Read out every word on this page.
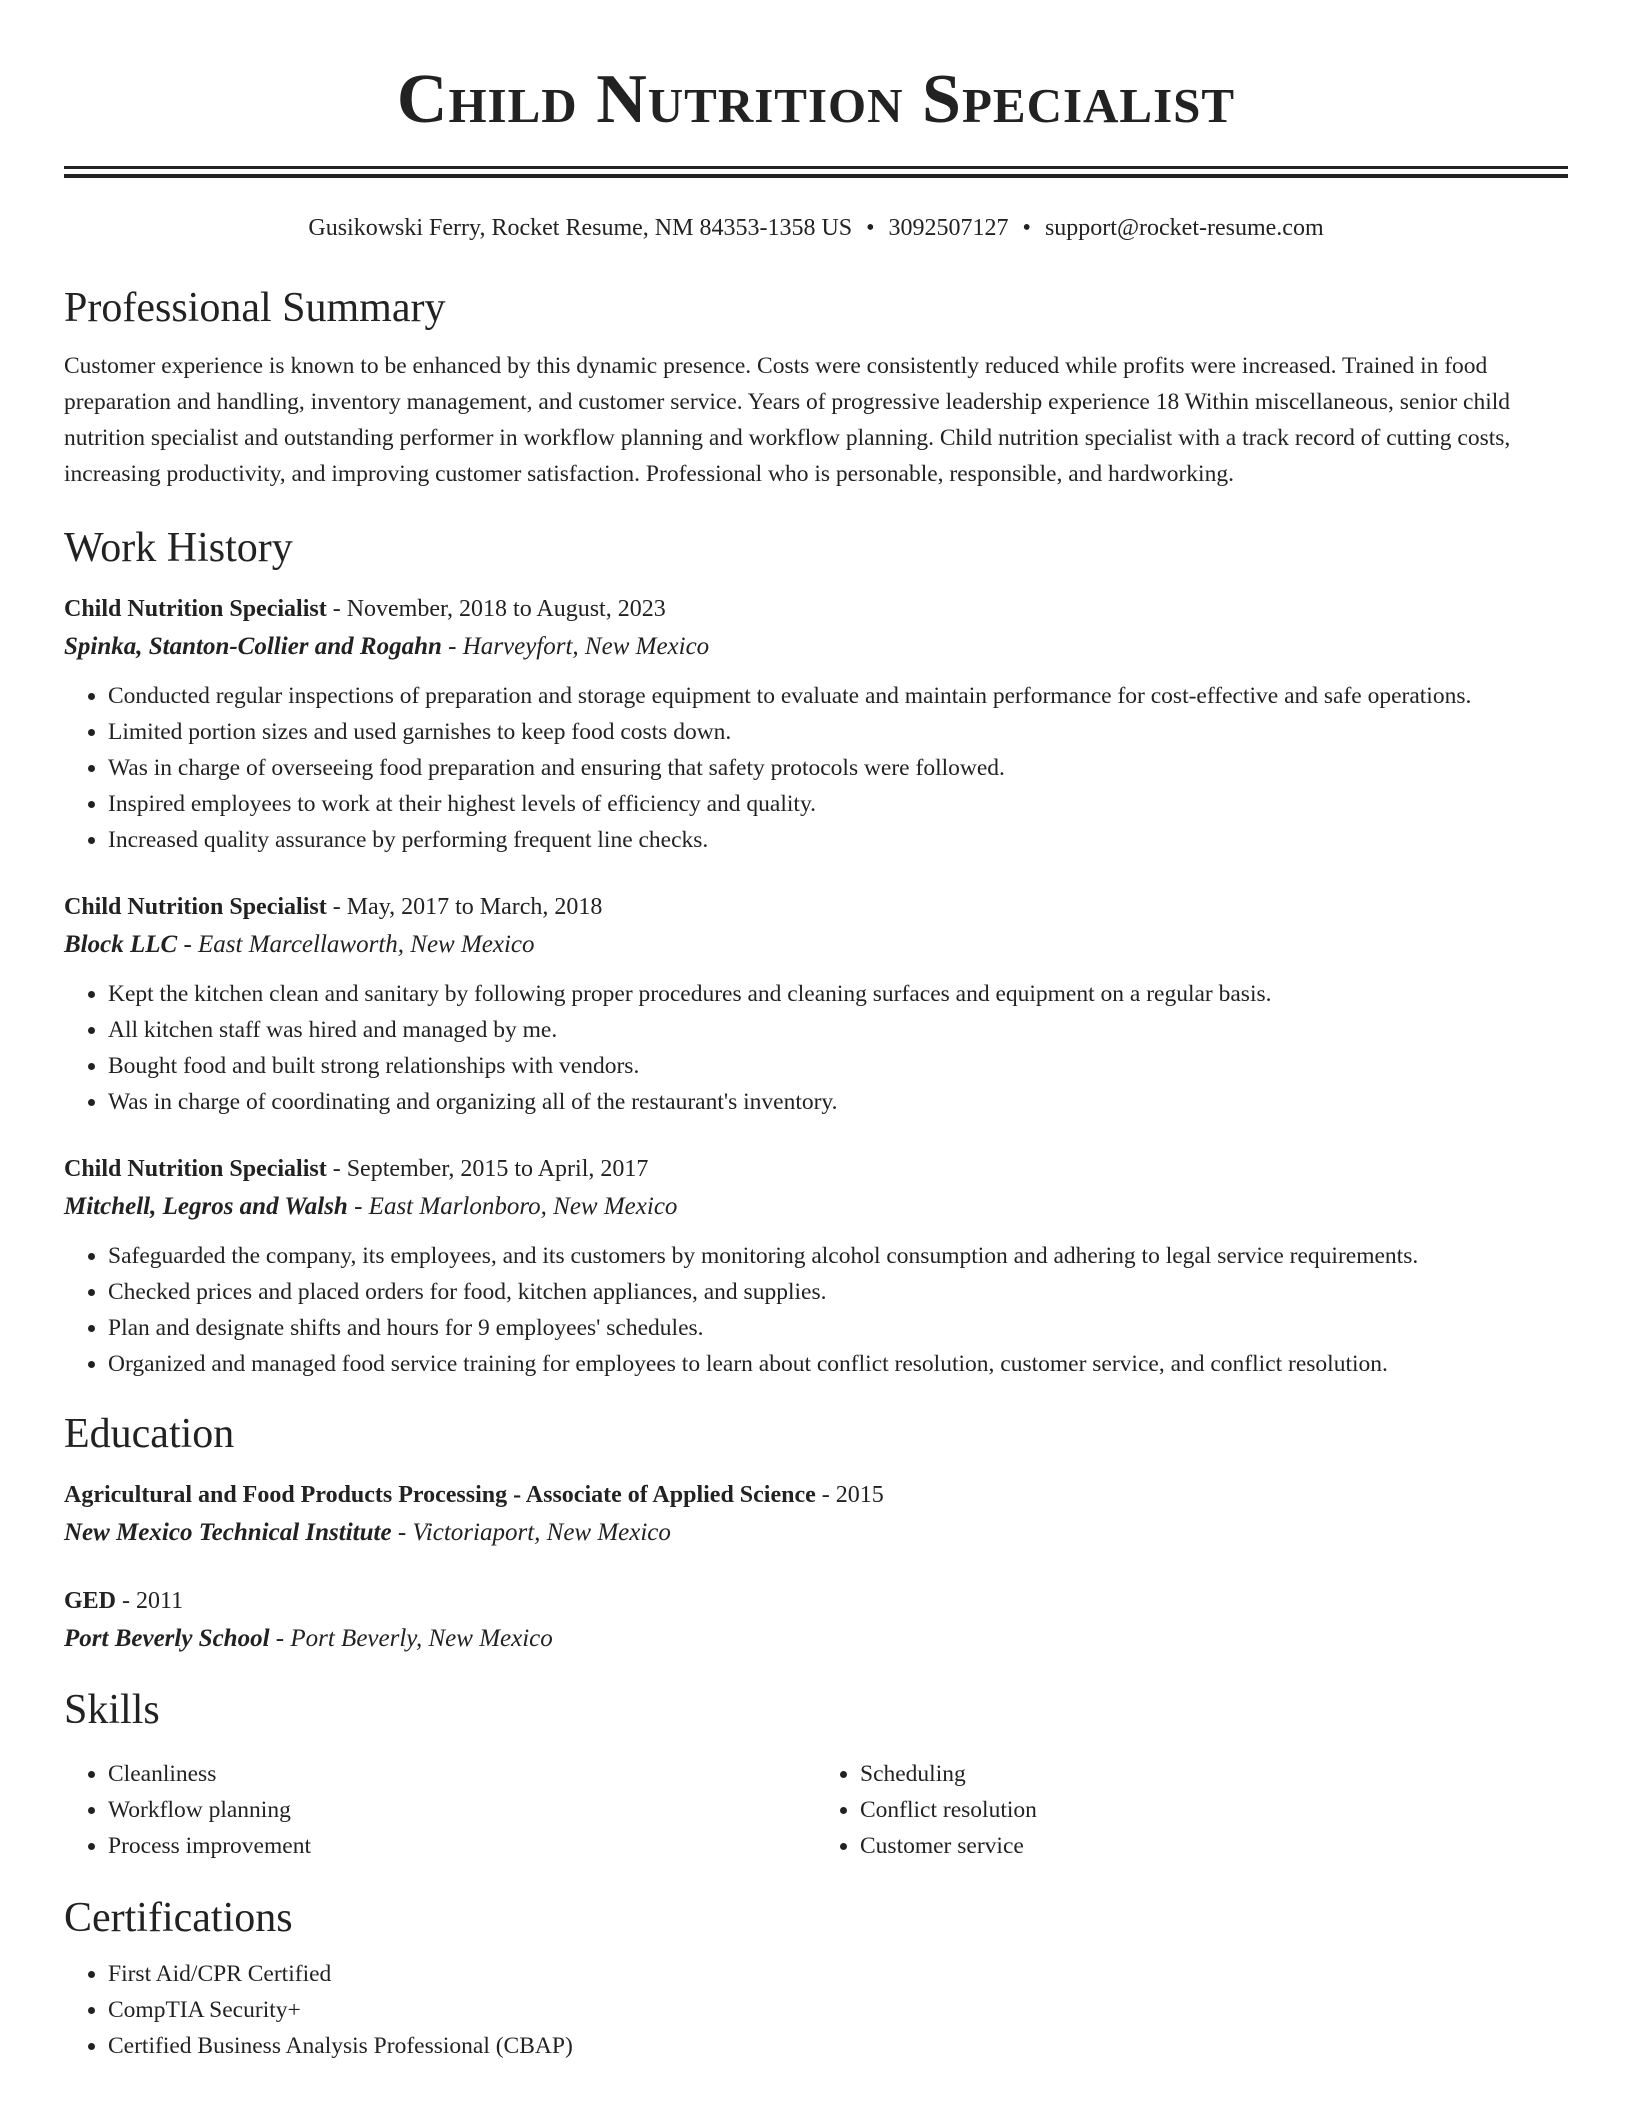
Child Nutrition Specialist
Gusikowski Ferry, Rocket Resume, NM 84353-1358 US • 3092507127 • support@rocket-resume.com
Professional Summary
Customer experience is known to be enhanced by this dynamic presence. Costs were consistently reduced while profits were increased. Trained in food preparation and handling, inventory management, and customer service. Years of progressive leadership experience 18 Within miscellaneous, senior child nutrition specialist and outstanding performer in workflow planning and workflow planning. Child nutrition specialist with a track record of cutting costs, increasing productivity, and improving customer satisfaction. Professional who is personable, responsible, and hardworking.
Work History
Child Nutrition Specialist - November, 2018 to August, 2023
Spinka, Stanton-Collier and Rogahn - Harveyfort, New Mexico
• Conducted regular inspections of preparation and storage equipment to evaluate and maintain performance for cost-effective and safe operations.
• Limited portion sizes and used garnishes to keep food costs down.
• Was in charge of overseeing food preparation and ensuring that safety protocols were followed.
• Inspired employees to work at their highest levels of efficiency and quality.
• Increased quality assurance by performing frequent line checks.
Child Nutrition Specialist - May, 2017 to March, 2018
Block LLC - East Marcellaworth, New Mexico
• Kept the kitchen clean and sanitary by following proper procedures and cleaning surfaces and equipment on a regular basis.
• All kitchen staff was hired and managed by me.
• Bought food and built strong relationships with vendors.
• Was in charge of coordinating and organizing all of the restaurant's inventory.
Child Nutrition Specialist - September, 2015 to April, 2017
Mitchell, Legros and Walsh - East Marlonboro, New Mexico
• Safeguarded the company, its employees, and its customers by monitoring alcohol consumption and adhering to legal service requirements.
• Checked prices and placed orders for food, kitchen appliances, and supplies.
• Plan and designate shifts and hours for 9 employees' schedules.
• Organized and managed food service training for employees to learn about conflict resolution, customer service, and conflict resolution.
Education
Agricultural and Food Products Processing - Associate of Applied Science - 2015
New Mexico Technical Institute - Victoriaport, New Mexico
GED - 2011
Port Beverly School - Port Beverly, New Mexico
Skills
• Cleanliness
• Workflow planning
• Process improvement
• Scheduling
• Conflict resolution
• Customer service
Certifications
• First Aid/CPR Certified
• CompTIA Security+
• Certified Business Analysis Professional (CBAP)
